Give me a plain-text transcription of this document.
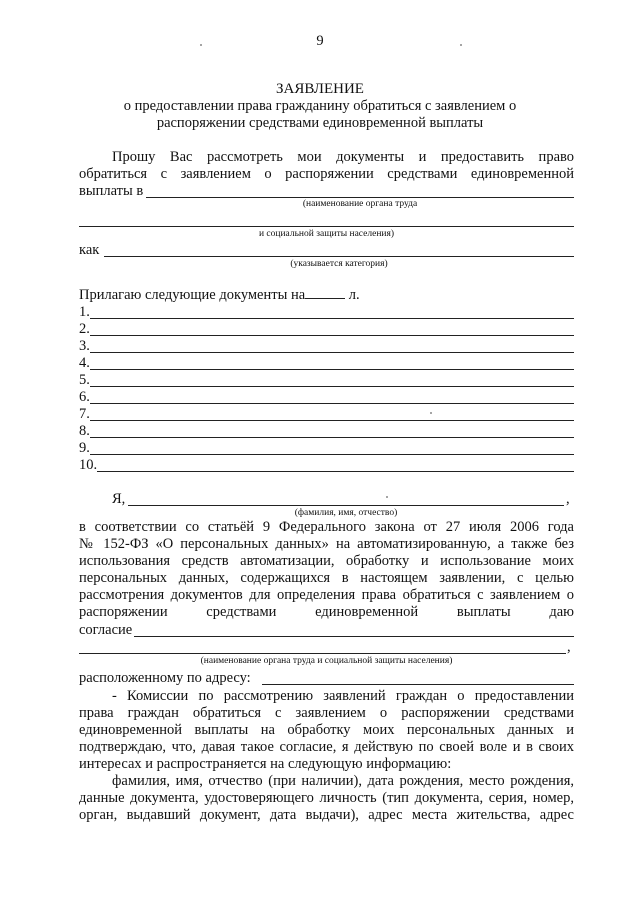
9
ЗАЯВЛЕНИЕ
о предоставлении права гражданину обратиться с заявлением о
распоряжении средствами единовременной выплаты
Прошу Вас рассмотреть мои документы и предоставить право
обратиться с заявлением о распоряжении средствами единовременной
выплаты в
(наименование органа труда
и социальной защиты населения)
как
(указывается категория)
Прилагаю следующие документы на	л.
1.
2.
3.
4.
5.
6.
7.
8.
9.
10.
Я,	,
(фамилия, имя, отчество)
в соответствии со статьёй 9 Федерального закона от 27 июля 2006 года
№ 152-ФЗ «О персональных данных» на автоматизированную, а также без
использования средств автоматизации, обработку и использование моих
персональных данных, содержащихся в настоящем заявлении, с целью
рассмотрения документов для определения права обратиться с заявлением о
распоряжении средствами единовременной выплаты даю
согласие
,
(наименование органа труда и социальной защиты населения)
расположенному по адресу:
- Комиссии по рассмотрению заявлений граждан о предоставлении
права граждан обратиться с заявлением о распоряжении средствами
единовременной выплаты на обработку моих персональных данных и
подтверждаю, что, давая такое согласие, я действую по своей воле и в своих
интересах и распространяется на следующую информацию:
фамилия, имя, отчество (при наличии), дата рождения, место рождения,
данные документа, удостоверяющего личность (тип документа, серия, номер,
орган, выдавший документ, дата выдачи), адрес места жительства, адрес
